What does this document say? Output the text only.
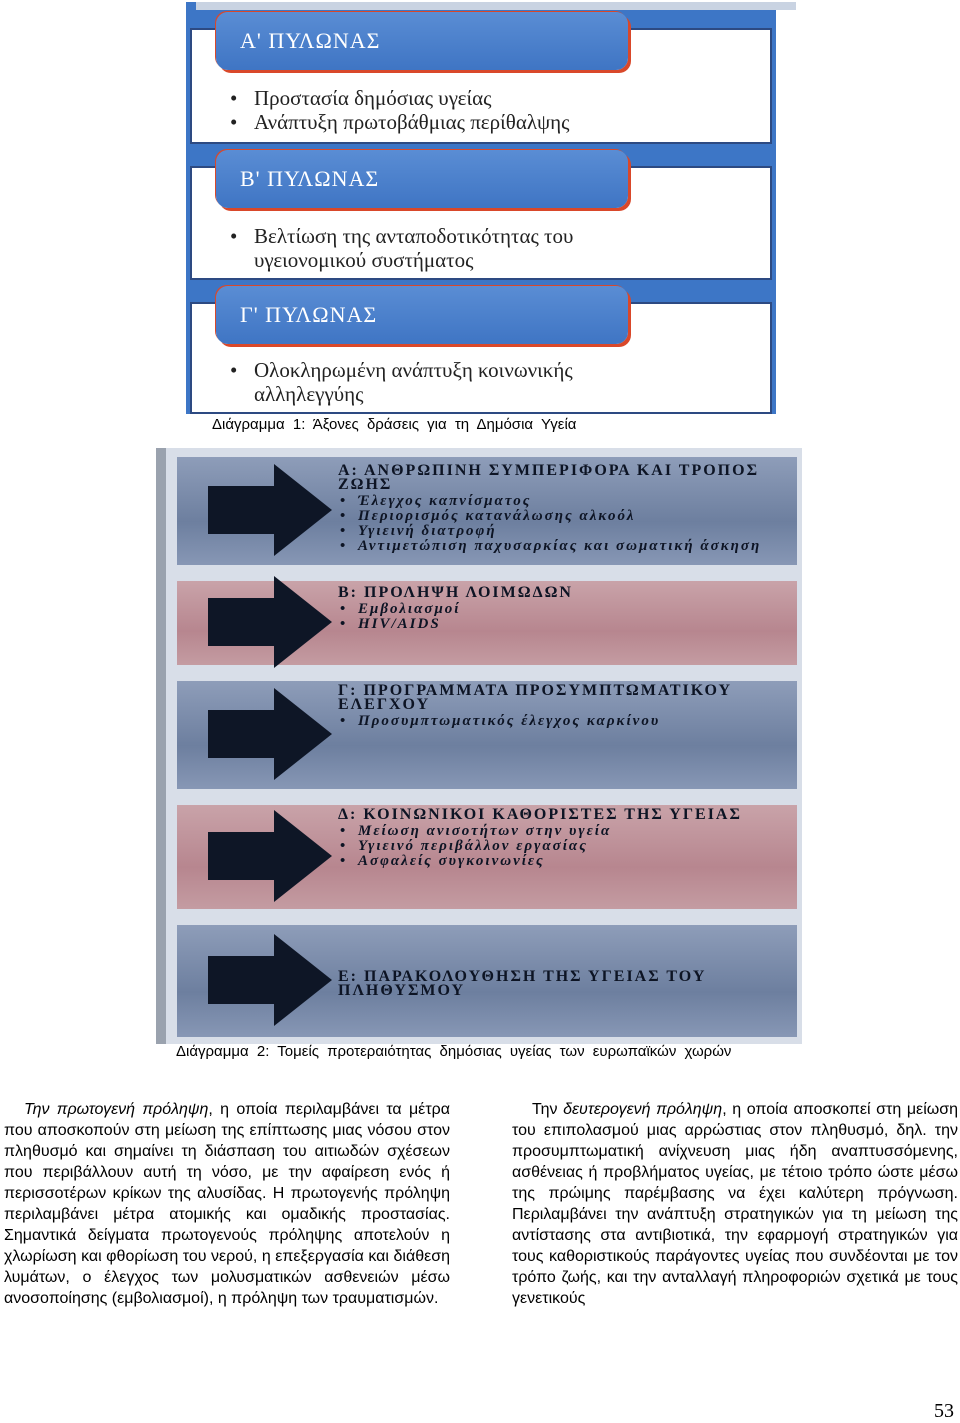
Α' ΠΥΛΩΝΑΣ
• Προστασία δημόσιας υγείας
• Ανάπτυξη πρωτοβάθμιας περίθαλψης
Β' ΠΥΛΩΝΑΣ
• Βελτίωση της ανταποδοτικότητας του υγειονομικού συστήματος
Γ' ΠΥΛΩΝΑΣ
• Ολοκληρωμένη ανάπτυξη κοινωνικής αλληλεγγύης
Διάγραμμα 1: Άξονες δράσεις για τη Δημόσια Υγεία
Α: ΑΝΘΡΩΠΙΝΗ ΣΥΜΠΕΡΙΦΟΡΑ ΚΑΙ ΤΡΟΠΟΣ ΖΩΗΣ
• Έλεγχος καπνίσματος
• Περιορισμός κατανάλωσης αλκοόλ
• Υγιεινή διατροφή
• Αντιμετώπιση παχυσαρκίας και σωματική άσκηση
Β: ΠΡΟΛΗΨΗ ΛΟΙΜΩΔΩΝ
• Εμβολιασμοί
• HIV/AIDS
Γ: ΠΡΟΓΡΑΜΜΑΤΑ ΠΡΟΣΥΜΠΤΩΜΑΤΙΚΟΥ ΕΛΕΓΧΟΥ
• Προσυμπτωματικός έλεγχος καρκίνου
Δ: ΚΟΙΝΩΝΙΚΟΙ ΚΑΘΟΡΙΣΤΕΣ ΤΗΣ ΥΓΕΙΑΣ
• Μείωση ανισοτήτων στην υγεία
• Υγιεινό περιβάλλον εργασίας
• Ασφαλείς συγκοινωνίες
Ε: ΠΑΡΑΚΟΛΟΥΘΗΣΗ ΤΗΣ ΥΓΕΙΑΣ ΤΟΥ ΠΛΗΘΥΣΜΟΥ
Διάγραμμα 2: Τομείς προτεραιότητας δημόσιας υγείας των ευρωπαϊκών χωρών

Την πρωτογενή πρόληψη, η οποία περιλαμβάνει τα μέτρα που αποσκοπούν στη μείωση της επίπτωσης μιας νόσου στον πληθυσμό και σημαίνει τη διάσπαση του αιτιωδών σχέσεων που περιβάλλουν αυτή τη νόσο, με την αφαίρεση ενός ή περισσοτέρων κρίκων της αλυσίδας. Η πρωτογενής πρόληψη περιλαμβάνει μέτρα ατομικής και ομαδικής προστασίας. Σημαντικά δείγματα πρωτογενούς πρόληψης αποτελούν η χλωρίωση και φθορίωση του νερού, η επεξεργασία και διάθεση λυμάτων, ο έλεγχος των μολυσματικών ασθενειών μέσω ανοσοποίησης (εμβολιασμοί), η πρόληψη των τραυματισμών.

Την δευτερογενή πρόληψη, η οποία αποσκοπεί στη μείωση του επιπολασμού μιας αρρώστιας στον πληθυσμό, δηλ. την προσυμπτωματική ανίχνευση μιας ήδη αναπτυσσόμενης, ασθένειας ή προβλήματος υγείας, με τέτοιο τρόπο ώστε μέσω της πρώιμης παρέμβασης να έχει καλύτερη πρόγνωση. Περιλαμβάνει την ανάπτυξη στρατηγικών για τη μείωση της αντίστασης στα αντιβιοτικά, την εφαρμογή στρατηγικών για τους καθοριστικούς παράγοντες υγείας που συνδέονται με τον τρόπο ζωής, και την ανταλλαγή πληροφοριών σχετικά με τους γενετικούς

53
